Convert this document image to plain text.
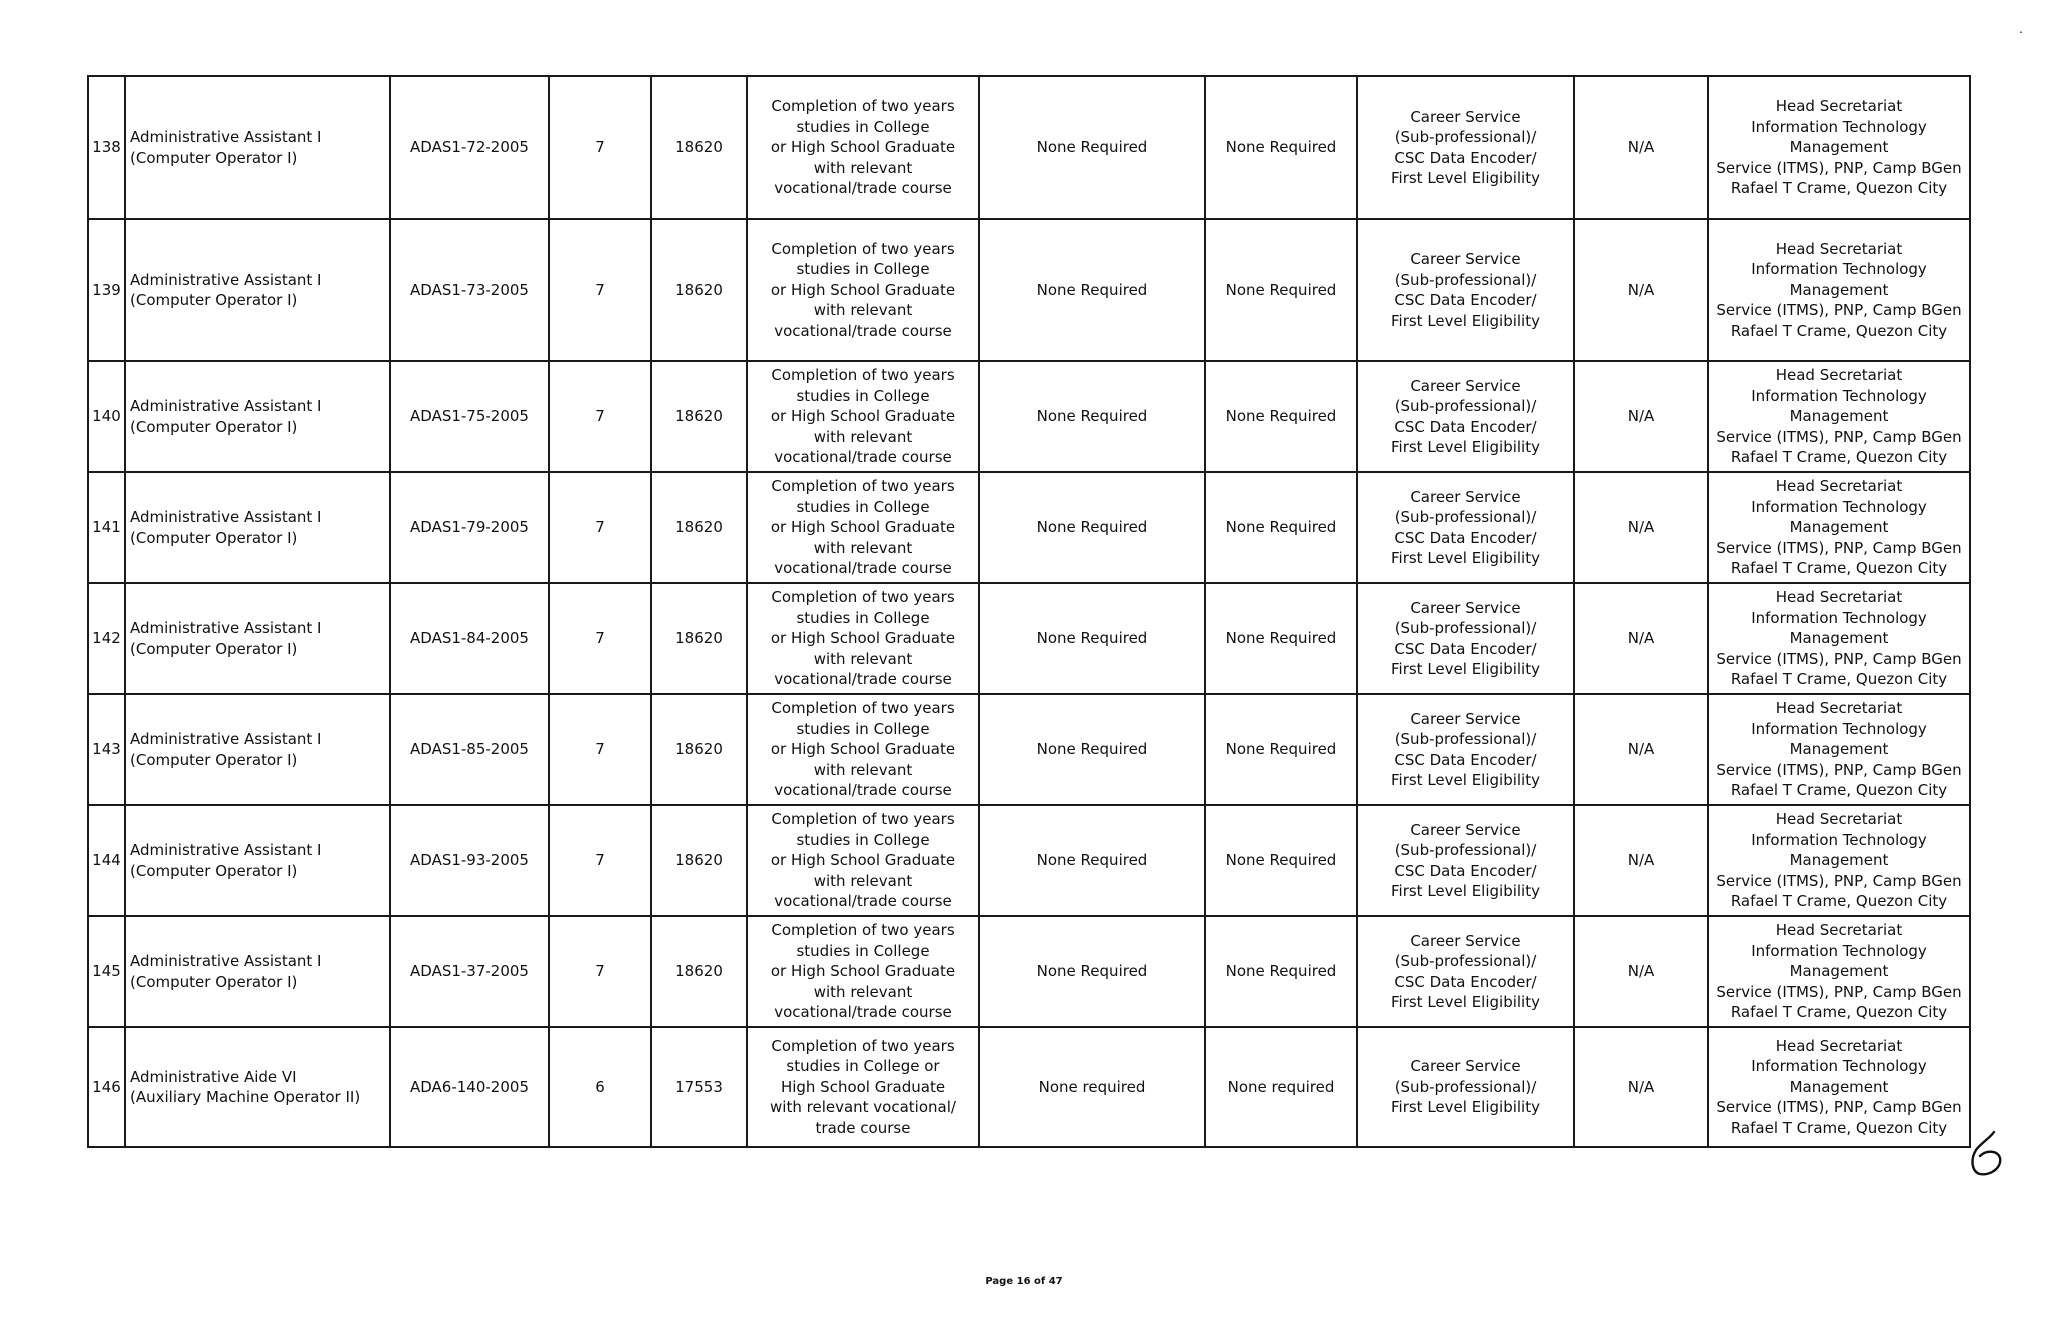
.
138	Administrative Assistant I
(Computer Operator I)	ADAS1-72-2005	7	18620	Completion of two years
studies in College
or High School Graduate
with relevant
vocational/trade course	None Required	None Required	Career Service
(Sub-professional)/
CSC Data Encoder/
First Level Eligibility	N/A	Head Secretariat
Information Technology Management
Service (ITMS), PNP, Camp BGen
Rafael T Crame, Quezon City

139	Administrative Assistant I
(Computer Operator I)	ADAS1-73-2005	7	18620	Completion of two years
studies in College
or High School Graduate
with relevant
vocational/trade course	None Required	None Required	Career Service
(Sub-professional)/
CSC Data Encoder/
First Level Eligibility	N/A	Head Secretariat
Information Technology Management
Service (ITMS), PNP, Camp BGen
Rafael T Crame, Quezon City

140	Administrative Assistant I
(Computer Operator I)	ADAS1-75-2005	7	18620	Completion of two years
studies in College
or High School Graduate
with relevant
vocational/trade course	None Required	None Required	Career Service
(Sub-professional)/
CSC Data Encoder/
First Level Eligibility	N/A	Head Secretariat
Information Technology Management
Service (ITMS), PNP, Camp BGen
Rafael T Crame, Quezon City

141	Administrative Assistant I
(Computer Operator I)	ADAS1-79-2005	7	18620	Completion of two years
studies in College
or High School Graduate
with relevant
vocational/trade course	None Required	None Required	Career Service
(Sub-professional)/
CSC Data Encoder/
First Level Eligibility	N/A	Head Secretariat
Information Technology Management
Service (ITMS), PNP, Camp BGen
Rafael T Crame, Quezon City

142	Administrative Assistant I
(Computer Operator I)	ADAS1-84-2005	7	18620	Completion of two years
studies in College
or High School Graduate
with relevant
vocational/trade course	None Required	None Required	Career Service
(Sub-professional)/
CSC Data Encoder/
First Level Eligibility	N/A	Head Secretariat
Information Technology Management
Service (ITMS), PNP, Camp BGen
Rafael T Crame, Quezon City

143	Administrative Assistant I
(Computer Operator I)	ADAS1-85-2005	7	18620	Completion of two years
studies in College
or High School Graduate
with relevant
vocational/trade course	None Required	None Required	Career Service
(Sub-professional)/
CSC Data Encoder/
First Level Eligibility	N/A	Head Secretariat
Information Technology Management
Service (ITMS), PNP, Camp BGen
Rafael T Crame, Quezon City

144	Administrative Assistant I
(Computer Operator I)	ADAS1-93-2005	7	18620	Completion of two years
studies in College
or High School Graduate
with relevant
vocational/trade course	None Required	None Required	Career Service
(Sub-professional)/
CSC Data Encoder/
First Level Eligibility	N/A	Head Secretariat
Information Technology Management
Service (ITMS), PNP, Camp BGen
Rafael T Crame, Quezon City

145	Administrative Assistant I
(Computer Operator I)	ADAS1-37-2005	7	18620	Completion of two years
studies in College
or High School Graduate
with relevant
vocational/trade course	None Required	None Required	Career Service
(Sub-professional)/
CSC Data Encoder/
First Level Eligibility	N/A	Head Secretariat
Information Technology Management
Service (ITMS), PNP, Camp BGen
Rafael T Crame, Quezon City

146	Administrative Aide VI
(Auxiliary Machine Operator II)	ADA6-140-2005	6	17553	Completion of two years
studies in College or
High School Graduate
with relevant vocational/
trade course	None required	None required	Career Service
(Sub-professional)/
First Level Eligibility	N/A	Head Secretariat
Information Technology Management
Service (ITMS), PNP, Camp BGen
Rafael T Crame, Quezon City
Page 16 of 47
